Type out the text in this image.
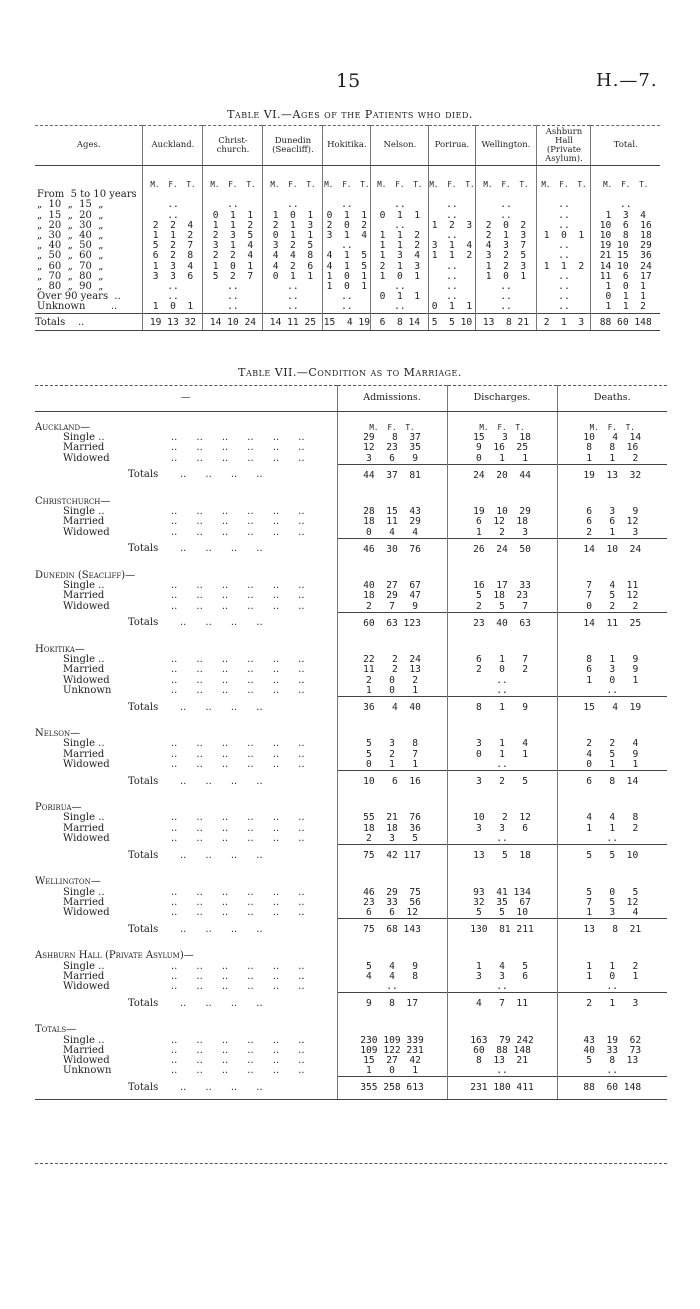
15	H.—7.
Table VI.—Ages of the Patients who died.
Ages.	Auckland.	Christ-church.	Dunedin (Seacliff).	Hokitika.	Nelson.	Porirua.	Wellington.	Ashburn Hall (Private Asylum).	Total.
	M.  F.  T.	M.  F.  T.	M.  F.  T.	M.  F.  T.	M.  F.  T.	M.  F.  T.	M.  F.  T.	M.  F.  T.	M.  F.  T.
From  5 to 10 years									
„  10  „  15  „	..	..	..	..	..	..	..	..	..
„  15  „  20  „	..	0  1  1	1  0  1	0  1  1	0  1  1	..	..	..	1  3  4
„  20  „  30  „	2  2  4	1  1  2	2  1  3	2  0  2	..	1  2  3	2  0  2	..	10  6  16
„  30  „  40  „	1  1  2	2  3  5	0  1  1	3  1  4	1  1  2	..	2  1  3	1  0  1	10  8  18
„  40  „  50  „	5  2  7	3  1  4	3  2  5	..	1  1  2	3  1  4	4  3  7	..	19 10  29
„  50  „  60  „	6  2  8	2  2  4	4  4  8	4  1  5	1  3  4	1  1  2	3  2  5	..	21 15  36
„  60  „  70  „	1  3  4	1  0  1	4  2  6	4  1  5	2  1  3	..	1  2  3	1  1  2	14 10  24
„  70  „  80  „	3  3  6	5  2  7	0  1  1	1  0  1	1  0  1	..	1  0  1	..	11  6  17
„  80  „  90  „	..	..	..	1  0  1	..	..	..	..	1  0  1
Over 90 years  ..	..	..	..	..	0  1  1	..	..	..	0  1  1
Unknown        ..	1  0  1	..	..	..	..	0  1  1	..	..	1  1  2
Totals    ..	19 13 32	14 10 24	14 11 25	15  4 19	6  8 14	5  5 10	13  8 21	2  1  3	88 60 148
Table VII.—Condition as to Marriage.
—	Admissions.	Discharges.	Deaths.
Auckland—	M.  F.  T.	M.  F.  T.	M.  F.  T.
Single .. ..      ..      ..      ..      ..      ..	29   8  37	15   3  18	10   4  14
Married ..      ..      ..      ..      ..      ..	12  23  35	9  16  25	8   8  16
Widowed ..      ..      ..      ..      ..      ..	3   6   9	0   1   1	1   1   2
Totals ..      ..      ..      ..	44  37  81	24  20  44	19  13  32
Christchurch—			
Single .. ..      ..      ..      ..      ..      ..	28  15  43	19  10  29	6   3   9
Married ..      ..      ..      ..      ..      ..	18  11  29	6  12  18	6   6  12
Widowed ..      ..      ..      ..      ..      ..	0   4   4	1   2   3	2   1   3
Totals ..      ..      ..      ..	46  30  76	26  24  50	14  10  24
Dunedin (Seacliff)—			
Single .. ..      ..      ..      ..      ..      ..	40  27  67	16  17  33	7   4  11
Married ..      ..      ..      ..      ..      ..	18  29  47	5  18  23	7   5  12
Widowed ..      ..      ..      ..      ..      ..	2   7   9	2   5   7	0   2   2
Totals ..      ..      ..      ..	60  63 123	23  40  63	14  11  25
Hokitika—			
Single .. ..      ..      ..      ..      ..      ..	22   2  24	6   1   7	8   1   9
Married ..      ..      ..      ..      ..      ..	11   2  13	2   0   2	6   3   9
Widowed ..      ..      ..      ..      ..      ..	2   0   2	..	1   0   1
Unknown ..      ..      ..      ..      ..      ..	1   0   1	..	..
Totals ..      ..      ..      ..	36   4  40	8   1   9	15   4  19
Nelson—			
Single .. ..      ..      ..      ..      ..      ..	5   3   8	3   1   4	2   2   4
Married ..      ..      ..      ..      ..      ..	5   2   7	0   1   1	4   5   9
Widowed ..      ..      ..      ..      ..      ..	0   1   1	..	0   1   1
Totals ..      ..      ..      ..	10   6  16	3   2   5	6   8  14
Porirua—			
Single .. ..      ..      ..      ..      ..      ..	55  21  76	10   2  12	4   4   8
Married ..      ..      ..      ..      ..      ..	18  18  36	3   3   6	1   1   2
Widowed ..      ..      ..      ..      ..      ..	2   3   5	..	..
Totals ..      ..      ..      ..	75  42 117	13   5  18	5   5  10
Wellington—			
Single .. ..      ..      ..      ..      ..      ..	46  29  75	93  41 134	5   0   5
Married ..      ..      ..      ..      ..      ..	23  33  56	32  35  67	7   5  12
Widowed ..      ..      ..      ..      ..      ..	6   6  12	5   5  10	1   3   4
Totals ..      ..      ..      ..	75  68 143	130  81 211	13   8  21
Ashburn Hall (Private Asylum)—			
Single .. ..      ..      ..      ..      ..      ..	5   4   9	1   4   5	1   1   2
Married ..      ..      ..      ..      ..      ..	4   4   8	3   3   6	1   0   1
Widowed ..      ..      ..      ..      ..      ..	..	..	..
Totals ..      ..      ..      ..	9   8  17	4   7  11	2   1   3
Totals—			
Single .. ..      ..      ..      ..      ..      ..	230 109 339	163  79 242	43  19  62
Married ..      ..      ..      ..      ..      ..	109 122 231	60  88 148	40  33  73
Widowed ..      ..      ..      ..      ..      ..	15  27  42	8  13  21	5   8  13
Unknown ..      ..      ..      ..      ..      ..	1   0   1	..	..
Totals ..      ..      ..      ..	355 258 613	231 180 411	88  60 148
